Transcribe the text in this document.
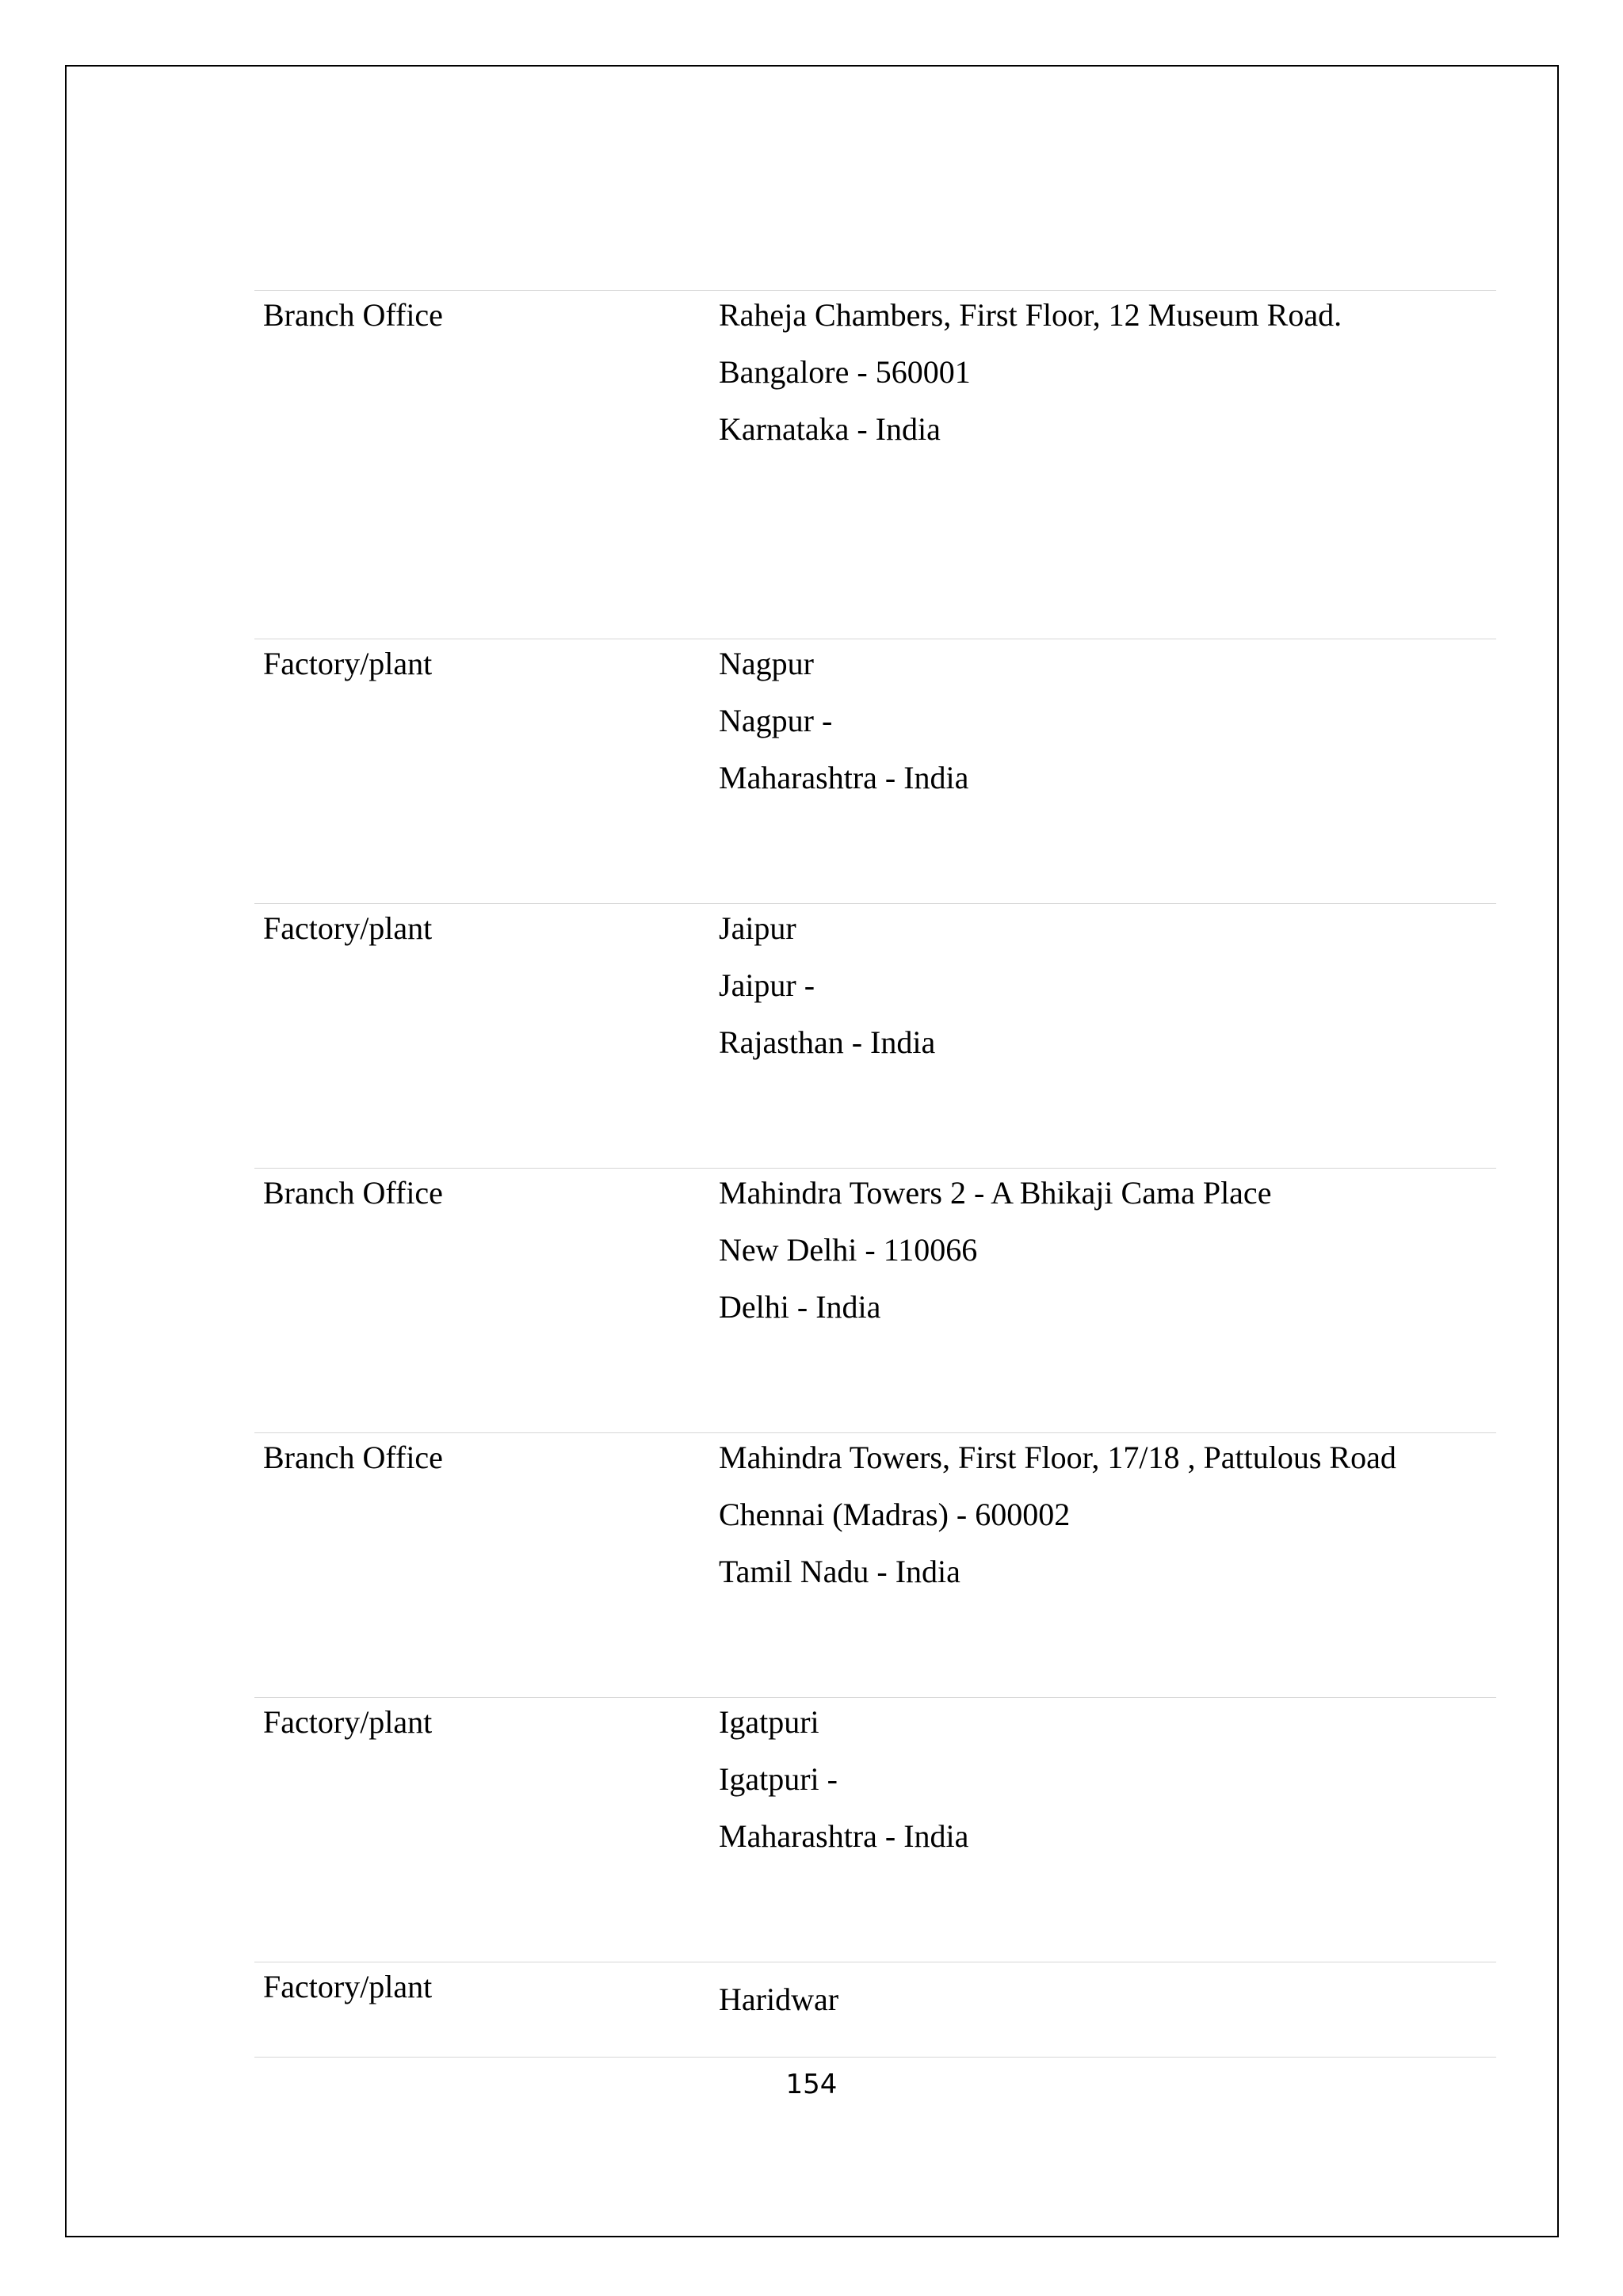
Branch Office	Raheja Chambers, First Floor, 12 Museum Road.
Bangalore - 560001
Karnataka - India
Factory/plant	Nagpur
Nagpur -
Maharashtra - India
Factory/plant	Jaipur
Jaipur -
Rajasthan - India
Branch Office	Mahindra Towers 2 - A Bhikaji Cama Place
New Delhi - 110066
Delhi - India
Branch Office	Mahindra Towers, First Floor, 17/18 , Pattulous Road
Chennai (Madras) - 600002
Tamil Nadu - India
Factory/plant	Igatpuri
Igatpuri -
Maharashtra - India
Factory/plant	Haridwar
154
